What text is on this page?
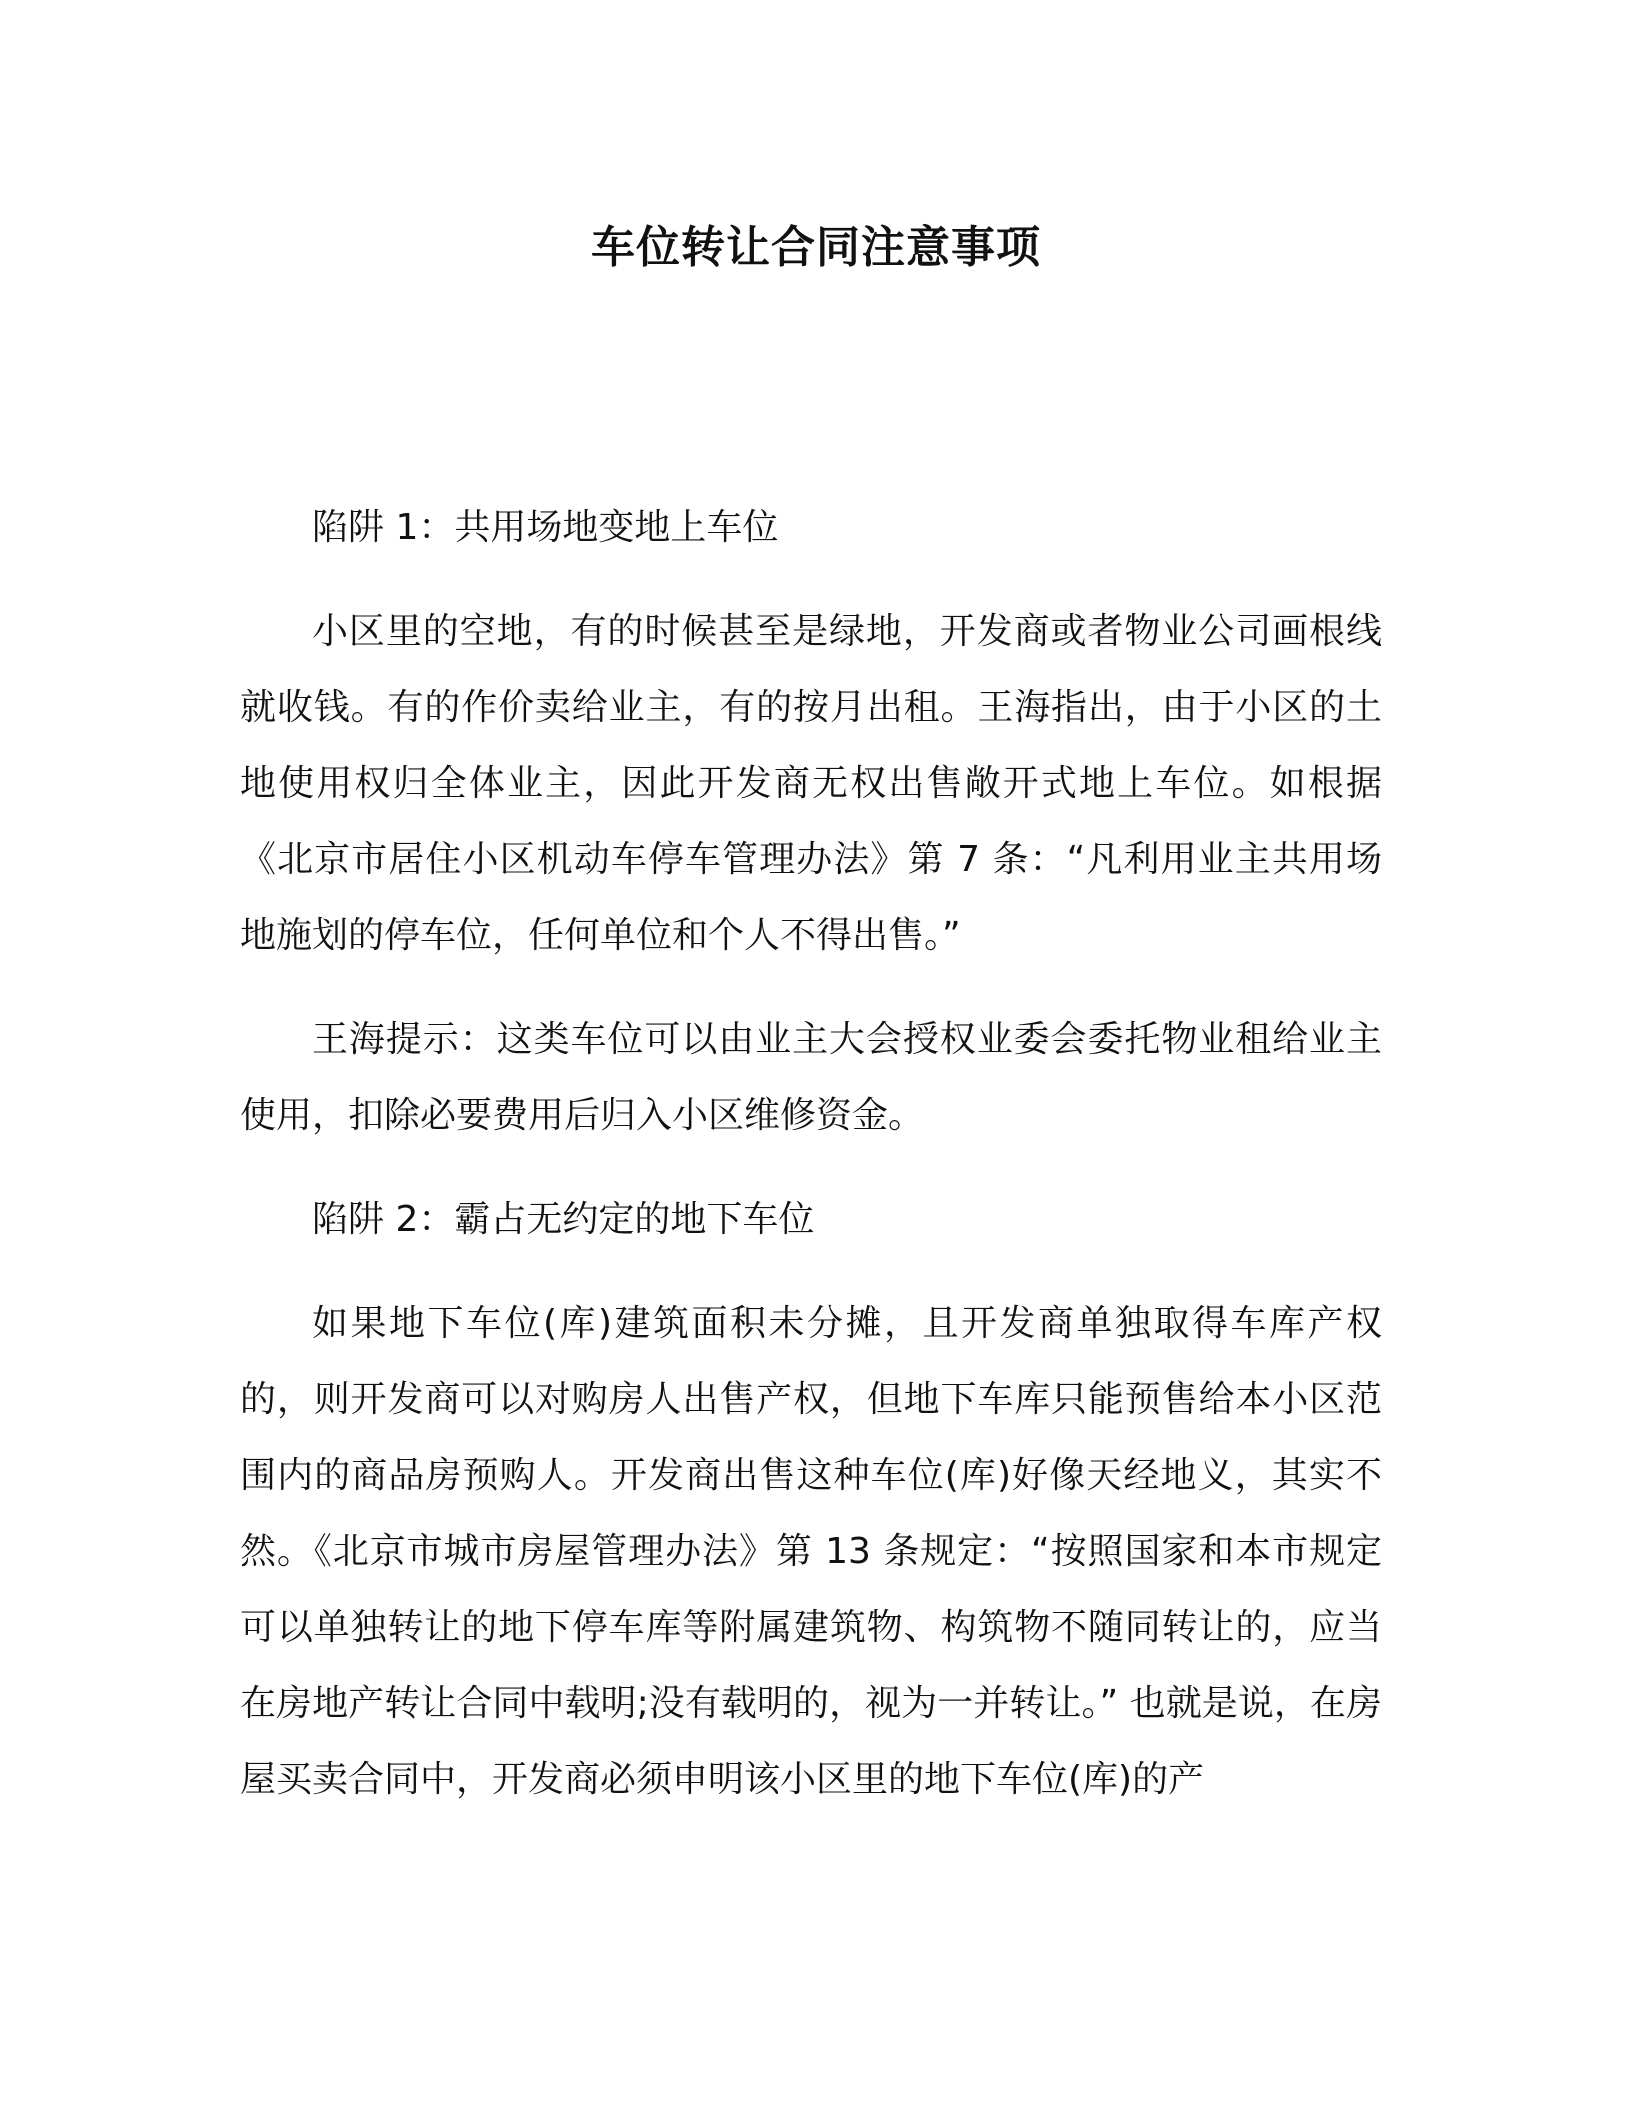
车位转让合同注意事项

陷阱 1：共用场地变地上车位

小区里的空地，有的时候甚至是绿地，开发商或者物业公司画根线就收钱。有的作价卖给业主，有的按月出租。王海指出，由于小区的土地使用权归全体业主，因此开发商无权出售敞开式地上车位。如根据《北京市居住小区机动车停车管理办法》第 7 条：“凡利用业主共用场地施划的停车位，任何单位和个人不得出售。”

王海提示：这类车位可以由业主大会授权业委会委托物业租给业主使用，扣除必要费用后归入小区维修资金。

陷阱 2：霸占无约定的地下车位

如果地下车位(库)建筑面积未分摊，且开发商单独取得车库产权的，则开发商可以对购房人出售产权，但地下车库只能预售给本小区范围内的商品房预购人。开发商出售这种车位(库)好像天经地义，其实不然。《北京市城市房屋管理办法》第 13 条规定：“按照国家和本市规定可以单独转让的地下停车库等附属建筑物、构筑物不随同转让的，应当在房地产转让合同中载明;没有载明的，视为一并转让。” 也就是说，在房屋买卖合同中，开发商必须申明该小区里的地下车位(库)的产
